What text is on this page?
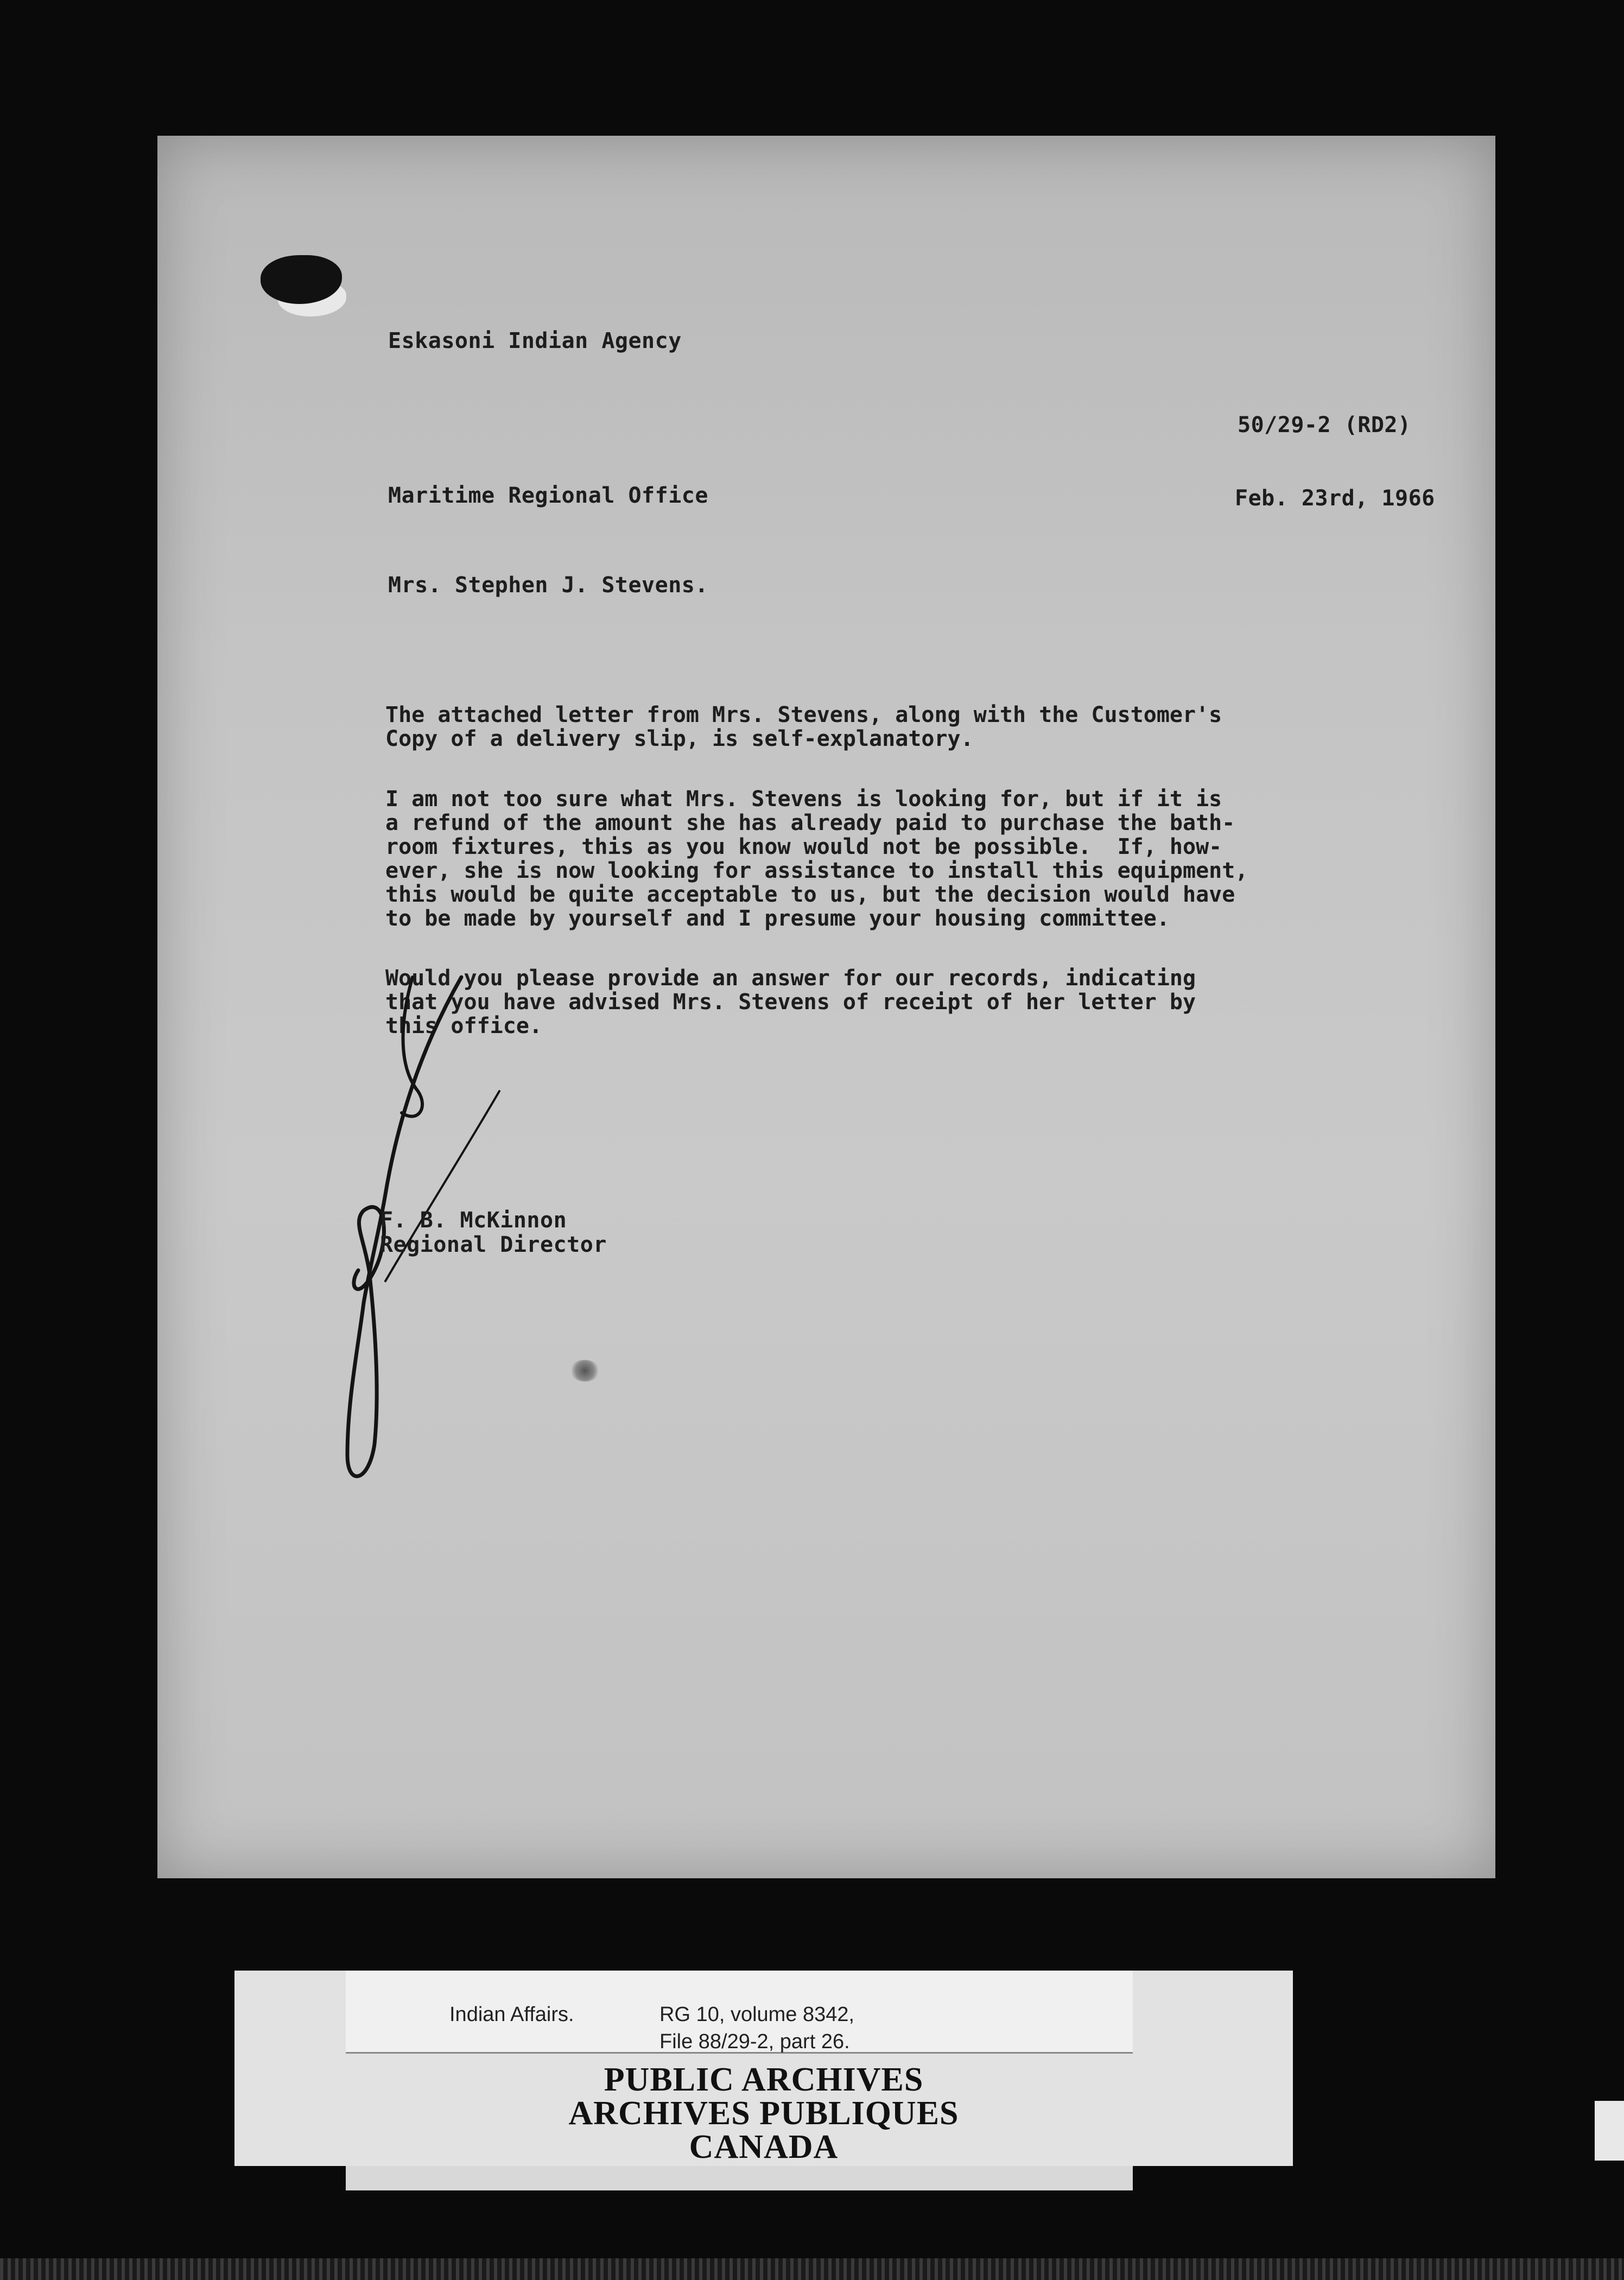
Eskasoni Indian Agency
50/29-2 (RD2)
Maritime Regional Office	Feb. 23rd, 1966
Mrs. Stephen J. Stevens.
The attached letter from Mrs. Stevens, along with the Customer's
Copy of a delivery slip, is self-explanatory.
I am not too sure what Mrs. Stevens is looking for, but if it is
a refund of the amount she has already paid to purchase the bath-
room fixtures, this as you know would not be possible.  If, how-
ever, she is now looking for assistance to install this equipment,
this would be quite acceptable to us, but the decision would have
to be made by yourself and I presume your housing committee.
Would you please provide an answer for our records, indicating
that you have advised Mrs. Stevens of receipt of her letter by
this office.
F. B. McKinnon
Regional Director
Indian Affairs.	RG 10, volume 8342,
File 88/29-2, part 26.
PUBLIC ARCHIVES
ARCHIVES PUBLIQUES
CANADA
